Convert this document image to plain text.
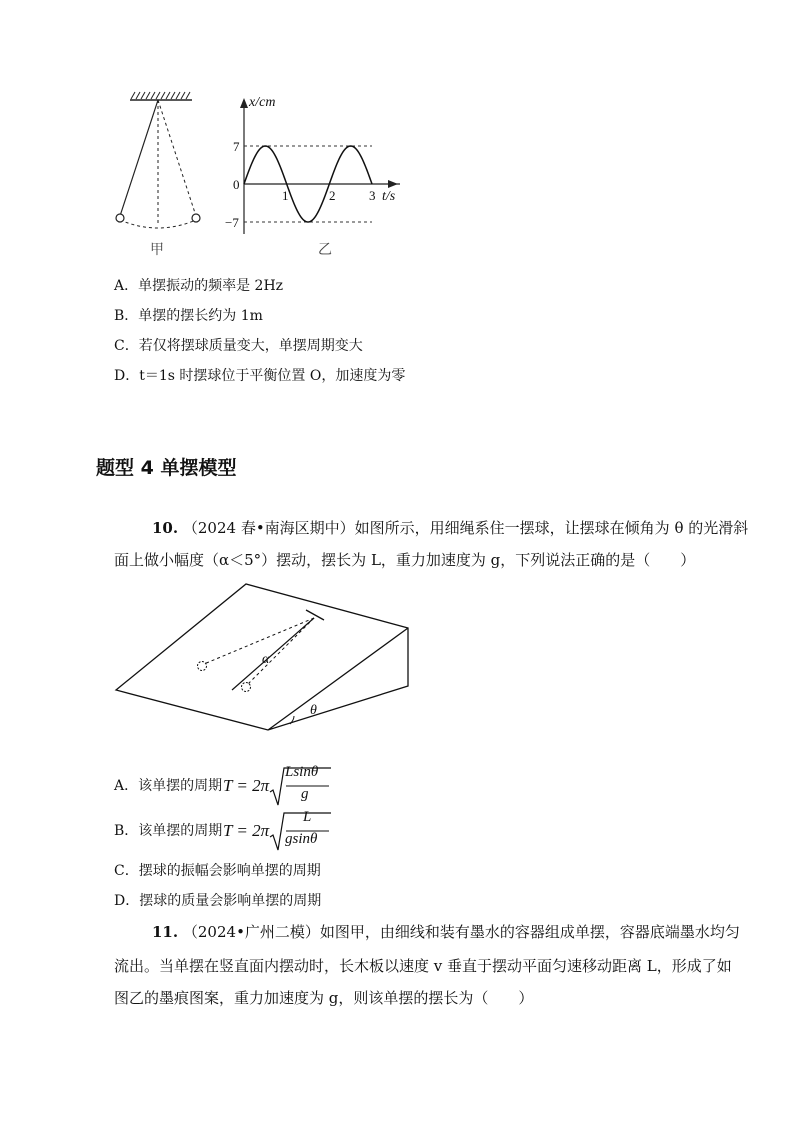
甲
x/cm
t/s
7
0
−7
1	2	3
乙
A．单摆振动的频率是 2Hz
B．单摆的摆长约为 1m
C．若仅将摆球质量变大，单摆周期变大
D．t＝1s 时摆球位于平衡位置 O，加速度为零
题型 4 单摆模型
10. （2024 春•南海区期中）如图所示，用细绳系住一摆球，让摆球在倾角为 θ 的光滑斜
面上做小幅度（α＜5°）摆动，摆长为 L，重力加速度为 g，下列说法正确的是（　　）
α
θ
A．该单摆的周期 T = 2π
Lsinθ
g
B．该单摆的周期 T = 2π
L
gsinθ
C．摆球的振幅会影响单摆的周期
D．摆球的质量会影响单摆的周期
11. （2024•广州二模）如图甲，由细线和装有墨水的容器组成单摆，容器底端墨水均匀
流出。当单摆在竖直面内摆动时，长木板以速度 v 垂直于摆动平面匀速移动距离 L，形成了如
图乙的墨痕图案，重力加速度为 g，则该单摆的摆长为（　　）
